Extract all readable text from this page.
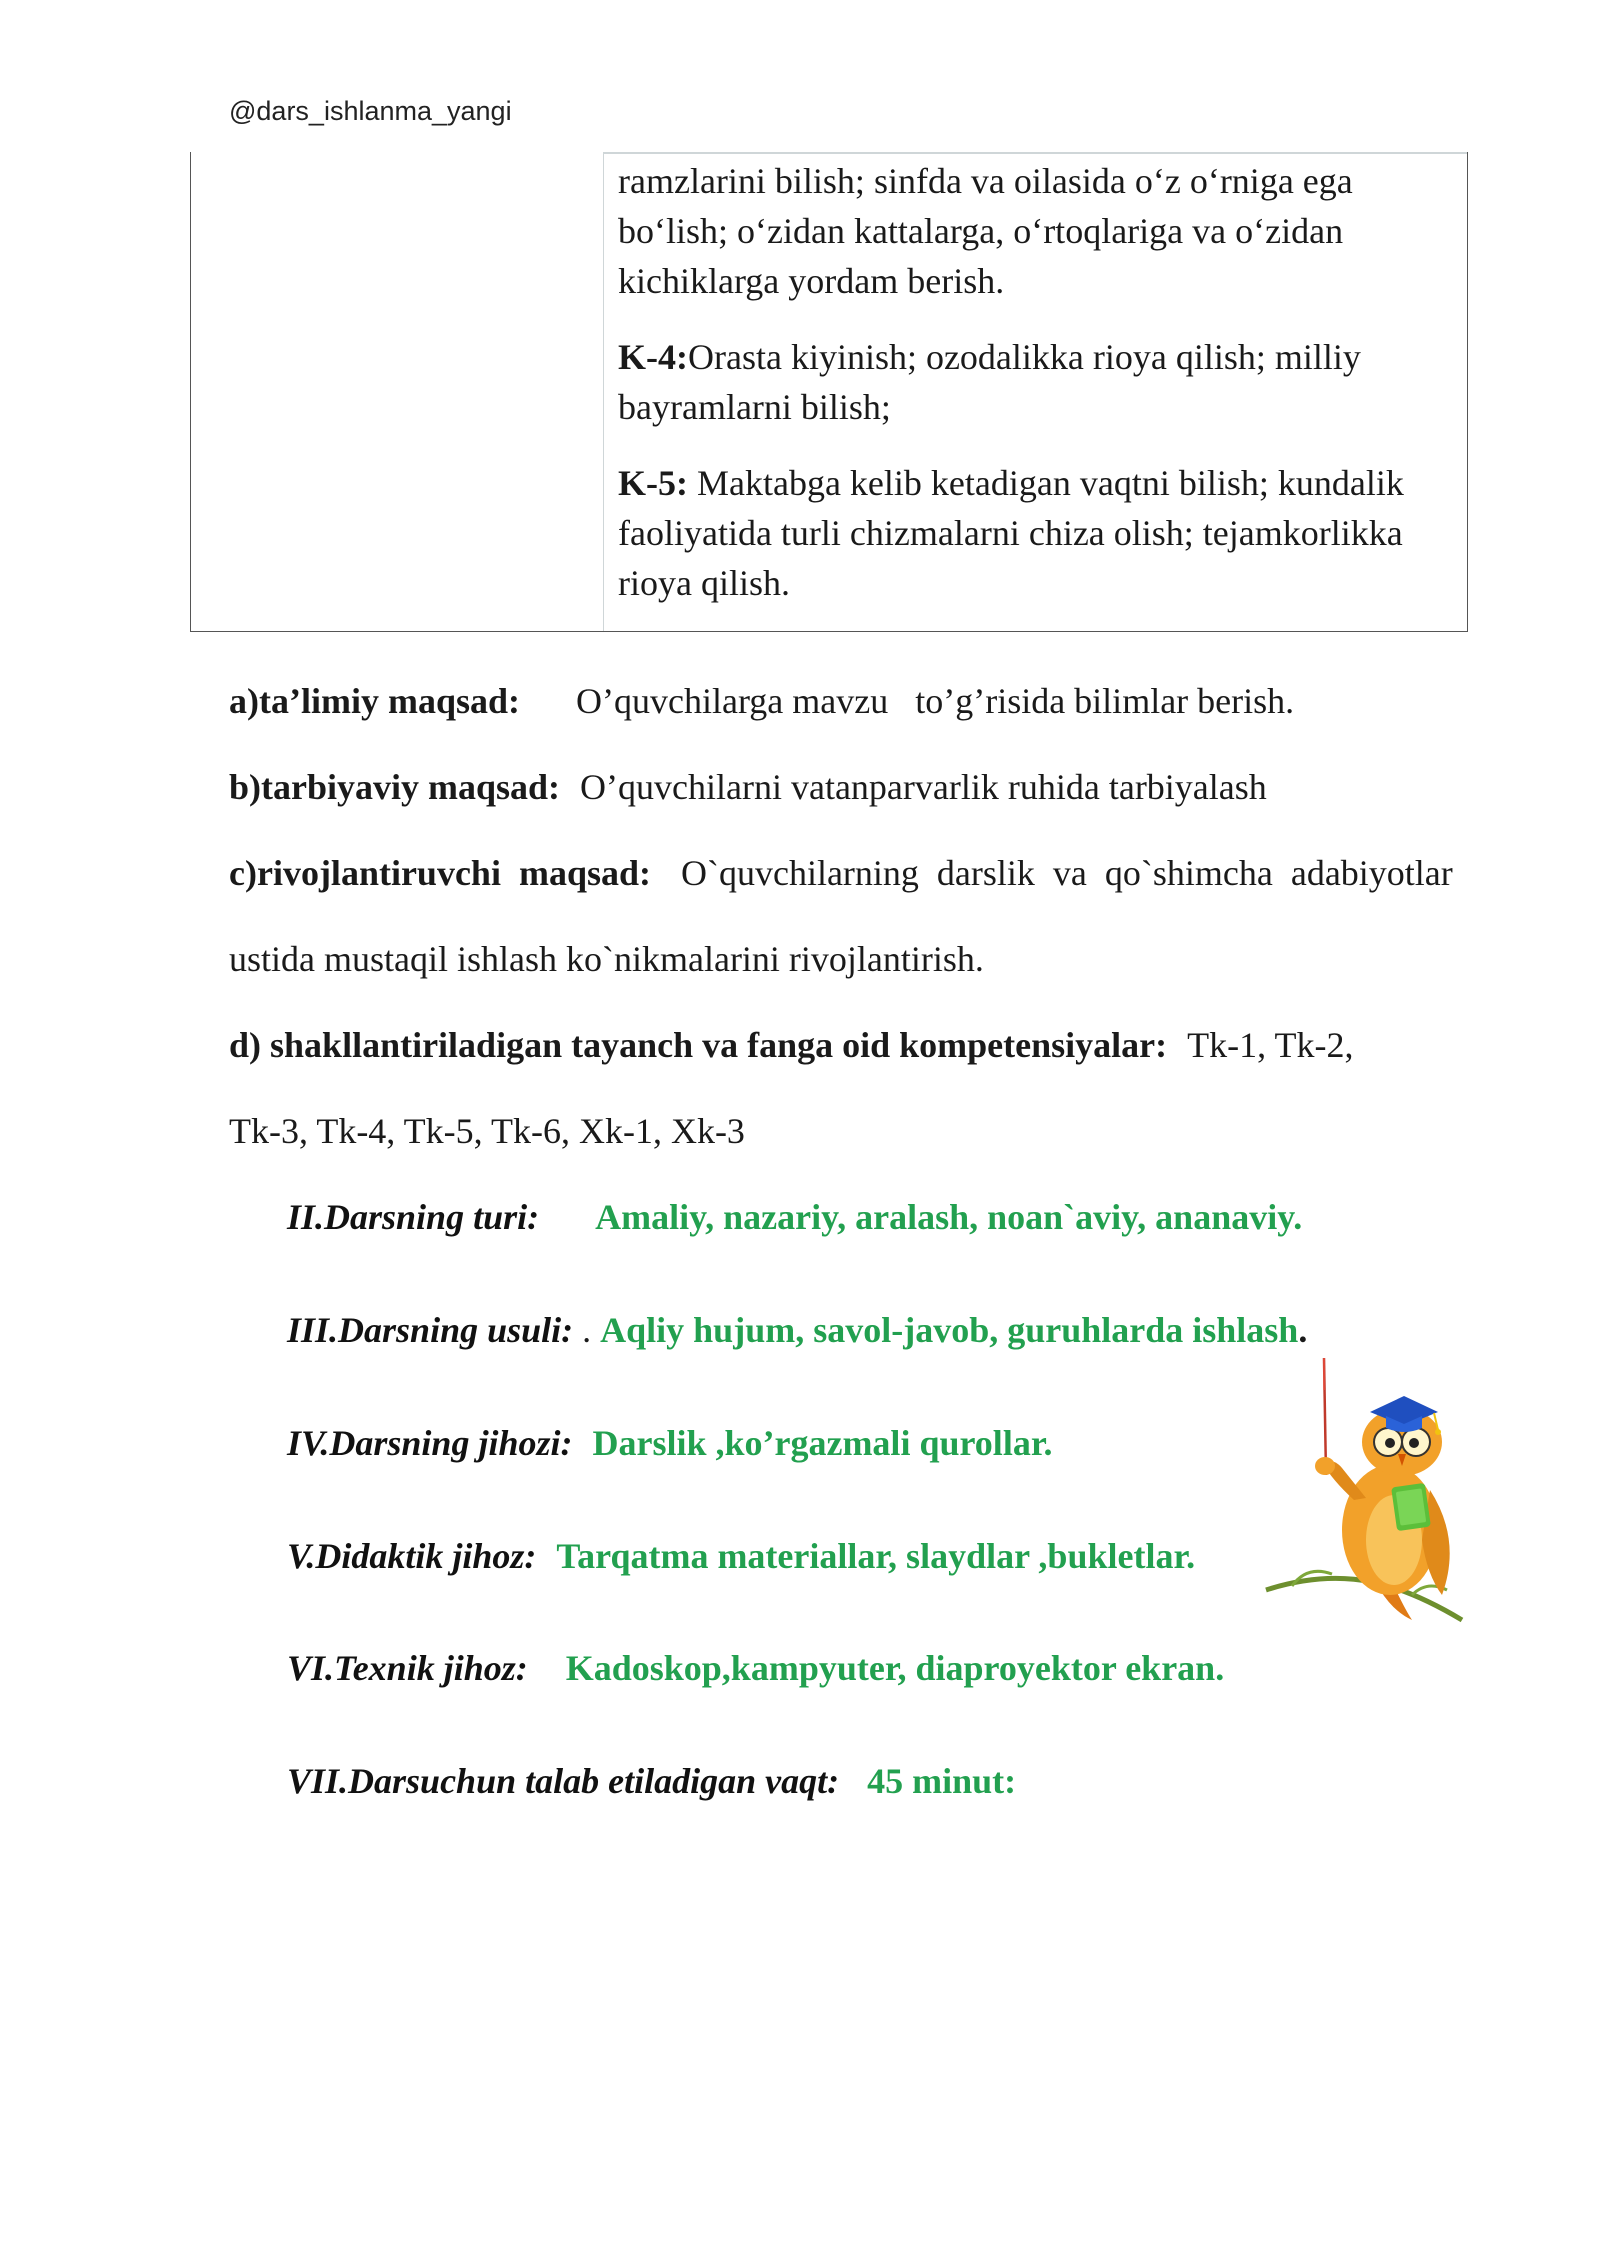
@dars_ishlanma_yangi

ramzlarini bilish; sinfda va oilasida o‘z o‘rniga ega bo‘lish; o‘zidan kattalarga, o‘rtoqlariga va o‘zidan kichiklarga yordam berish.

K-4:Orasta kiyinish; ozodalikka rioya qilish; milliy bayramlarni bilish;

K-5: Maktabga kelib ketadigan vaqtni bilish; kundalik faoliyatida turli chizmalarni chiza olish; tejamkorlikka rioya qilish.

a)ta’limiy maqsad: O’quvchilarga mavzu   to’g’risida bilimlar berish.
b)tarbiyaviy maqsad: O’quvchilarni vatanparvarlik ruhida tarbiyalash
c)rivojlantiruvchi  maqsad: O`quvchilarning  darslik  va  qo`shimcha  adabiyotlar
ustida mustaqil ishlash ko`nikmalarini rivojlantirish.
d) shakllantiriladigan tayanch va fanga oid kompetensiyalar: Tk-1, Tk-2,
Tk-3, Tk-4, Tk-5, Tk-6, Xk-1, Xk-3
II.Darsning turi: Amaliy, nazariy, aralash, noan`aviy, ananaviy.
III.Darsning usuli: . Aqliy hujum, savol-javob, guruhlarda ishlash.
IV.Darsning jihozi: Darslik ,ko’rgazmali qurollar.
V.Didaktik jihoz: Tarqatma materiallar, slaydlar ,bukletlar.
VI.Texnik jihoz: Kadoskop,kampyuter, diaproyektor ekran.
VII.Darsuchun talab etiladigan vaqt: 45 minut:
